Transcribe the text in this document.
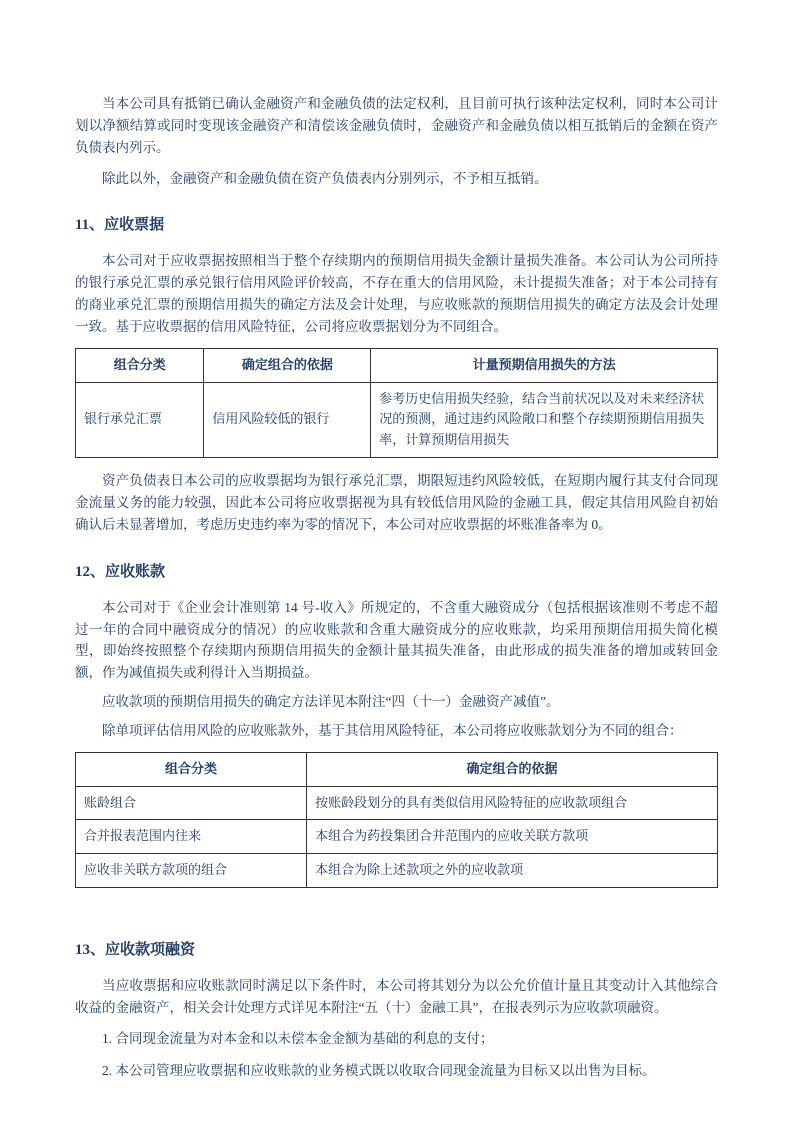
当本公司具有抵销已确认金融资产和金融负债的法定权利，且目前可执行该种法定权利，同时本公司计划以净额结算或同时变现该金融资产和清偿该金融负债时，金融资产和金融负债以相互抵销后的金额在资产负债表内列示。

除此以外，金融资产和金融负债在资产负债表内分别列示，不予相互抵销。

11、应收票据

本公司对于应收票据按照相当于整个存续期内的预期信用损失金额计量损失准备。本公司认为公司所持的银行承兑汇票的承兑银行信用风险评价较高，不存在重大的信用风险，未计提损失准备；对于本公司持有的商业承兑汇票的预期信用损失的确定方法及会计处理，与应收账款的预期信用损失的确定方法及会计处理一致。基于应收票据的信用风险特征，公司将应收票据划分为不同组合。

组合分类	确定组合的依据	计量预期信用损失的方法
银行承兑汇票	信用风险较低的银行	参考历史信用损失经验，结合当前状况以及对未来经济状况的预测，通过违约风险敞口和整个存续期预期信用损失率，计算预期信用损失

资产负债表日本公司的应收票据均为银行承兑汇票，期限短违约风险较低，在短期内履行其支付合同现金流量义务的能力较强，因此本公司将应收票据视为具有较低信用风险的金融工具，假定其信用风险自初始确认后未显著增加，考虑历史违约率为零的情况下，本公司对应收票据的坏账准备率为 0。

12、应收账款

本公司对于《企业会计准则第 14 号-收入》所规定的，不含重大融资成分（包括根据该准则不考虑不超过一年的合同中融资成分的情况）的应收账款和含重大融资成分的应收账款，均采用预期信用损失简化模型，即始终按照整个存续期内预期信用损失的金额计量其损失准备，由此形成的损失准备的增加或转回金额，作为减值损失或利得计入当期损益。

应收款项的预期信用损失的确定方法详见本附注“四（十一）金融资产减值”。

除单项评估信用风险的应收账款外，基于其信用风险特征，本公司将应收账款划分为不同的组合：

组合分类	确定组合的依据
账龄组合	按账龄段划分的具有类似信用风险特征的应收款项组合
合并报表范围内往来	本组合为药投集团合并范围内的应收关联方款项
应收非关联方款项的组合	本组合为除上述款项之外的应收款项
13、应收款项融资

当应收票据和应收账款同时满足以下条件时，本公司将其划分为以公允价值计量且其变动计入其他综合收益的金融资产，相关会计处理方式详见本附注“五（十）金融工具”，在报表列示为应收款项融资。

1. 合同现金流量为对本金和以未偿本金金额为基础的利息的支付；

2. 本公司管理应收票据和应收账款的业务模式既以收取合同现金流量为目标又以出售为目标。
